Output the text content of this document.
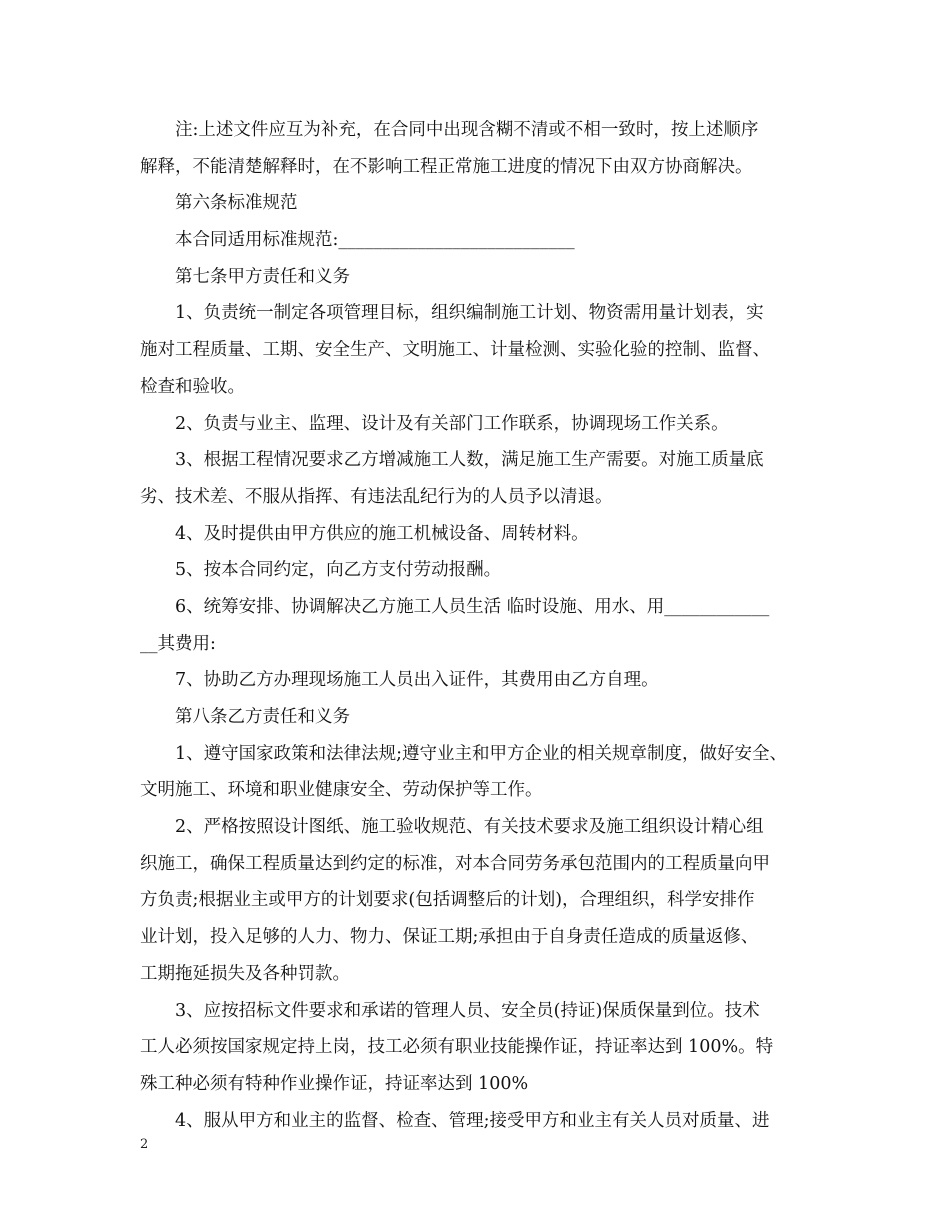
注:上述文件应互为补充，在合同中出现含糊不清或不相一致时，按上述顺序
解释，不能清楚解释时，在不影响工程正常施工进度的情况下由双方协商解决。
第六条标准规范
本合同适用标准规范:___________________________
第七条甲方责任和义务
1、负责统一制定各项管理目标，组织编制施工计划、物资需用量计划表，实
施对工程质量、工期、安全生产、文明施工、计量检测、实验化验的控制、监督、
检查和验收。
2、负责与业主、监理、设计及有关部门工作联系，协调现场工作关系。
3、根据工程情况要求乙方增减施工人数，满足施工生产需要。对施工质量底
劣、技术差、不服从指挥、有违法乱纪行为的人员予以清退。
4、及时提供由甲方供应的施工机械设备、周转材料。
5、按本合同约定，向乙方支付劳动报酬。
6、统筹安排、协调解决乙方施工人员生活 临时设施、用水、用____________
__其费用:
7、协助乙方办理现场施工人员出入证件，其费用由乙方自理。
第八条乙方责任和义务
1、遵守国家政策和法律法规;遵守业主和甲方企业的相关规章制度，做好安全、
文明施工、环境和职业健康安全、劳动保护等工作。
2、严格按照设计图纸、施工验收规范、有关技术要求及施工组织设计精心组
织施工，确保工程质量达到约定的标准，对本合同劳务承包范围内的工程质量向甲
方负责;根据业主或甲方的计划要求(包括调整后的计划)，合理组织，科学安排作
业计划，投入足够的人力、物力、保证工期;承担由于自身责任造成的质量返修、
工期拖延损失及各种罚款。
3、应按招标文件要求和承诺的管理人员、安全员(持证)保质保量到位。技术
工人必须按国家规定持上岗，技工必须有职业技能操作证，持证率达到 100%。特
殊工种必须有特种作业操作证，持证率达到 100%
4、服从甲方和业主的监督、检查、管理;接受甲方和业主有关人员对质量、进
2
